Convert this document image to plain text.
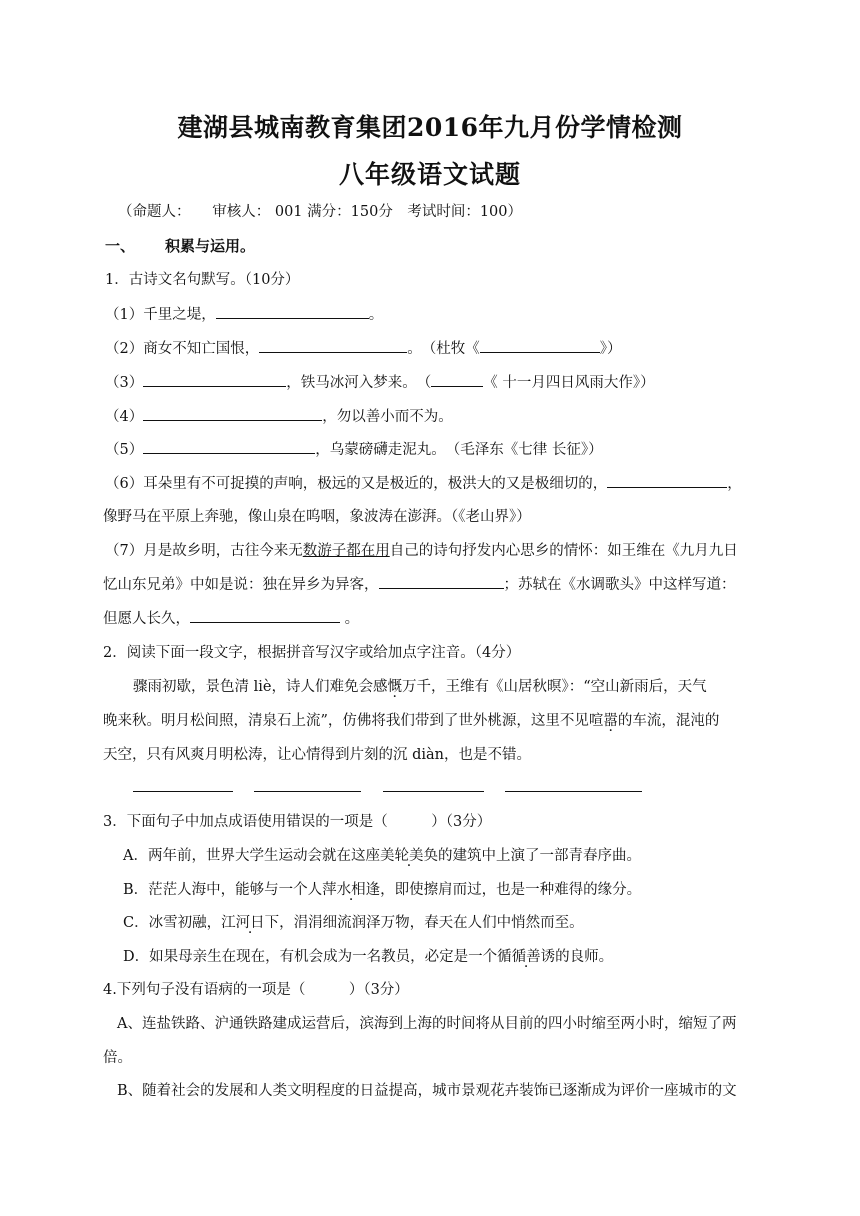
建湖县城南教育集团2016年九月份学情检测
八年级语文试题
（命题人：　　审核人： 001 满分：150分　考试时间：100）
一、 积累与运用。
1．古诗文名句默写。（10分）
（1）千里之堤，	。
（2）商女不知亡国恨，	。　（杜牧《	》）
（3）	，铁马冰河入梦来。　（	《 十一月四日风雨大作》）
（4）	，勿以善小而不为。
（5）	，乌蒙磅礴走泥丸。　（毛泽东《七律 长征》）
（6）耳朵里有不可捉摸的声响，极远的又是极近的，极洪大的又是极细切的，	，
像野马在平原上奔驰，像山泉在呜咽，象波涛在澎湃。（《老山界》）
（7）月是故乡明，古往今来无数游子都在用自己的诗句抒发内心思乡的情怀：如王维在《九月九日
忆山东兄弟》中如是说：独在异乡为异客，	；苏轼在《水调歌头》中这样写道：
但愿人长久，	。
2．阅读下面一段文字，根据拼音写汉字或给加点字注音。（4分）
骤雨初歇，景色清 liè，诗人们难免会感慨万千，王维有《山居秋暝》：“空山新雨后，天气
晚来秋。明月松间照，清泉石上流”，仿佛将我们带到了世外桃源，这里不见喧嚣的车流，混沌的
天空，只有风爽月明松涛，让心情得到片刻的沉 diàn，也是不错。
3．下面句子中加点成语使用错误的一项是（　　　）（3分）
A．两年前，世界大学生运动会就在这座美轮美奂的建筑中上演了一部青春序曲。
B．茫茫人海中，能够与一个人萍水相逢，即使擦肩而过，也是一种难得的缘分。
C．冰雪初融，江河日下，涓涓细流润泽万物，春天在人们中悄然而至。
D．如果母亲生在现在，有机会成为一名教员，必定是一个循循善诱的良师。
4.下列句子没有语病的一项是（　　　）（3分）
A、连盐铁路、沪通铁路建成运营后，滨海到上海的时间将从目前的四小时缩至两小时，缩短了两
倍。
B、随着社会的发展和人类文明程度的日益提高，城市景观花卉装饰已逐渐成为评价一座城市的文
